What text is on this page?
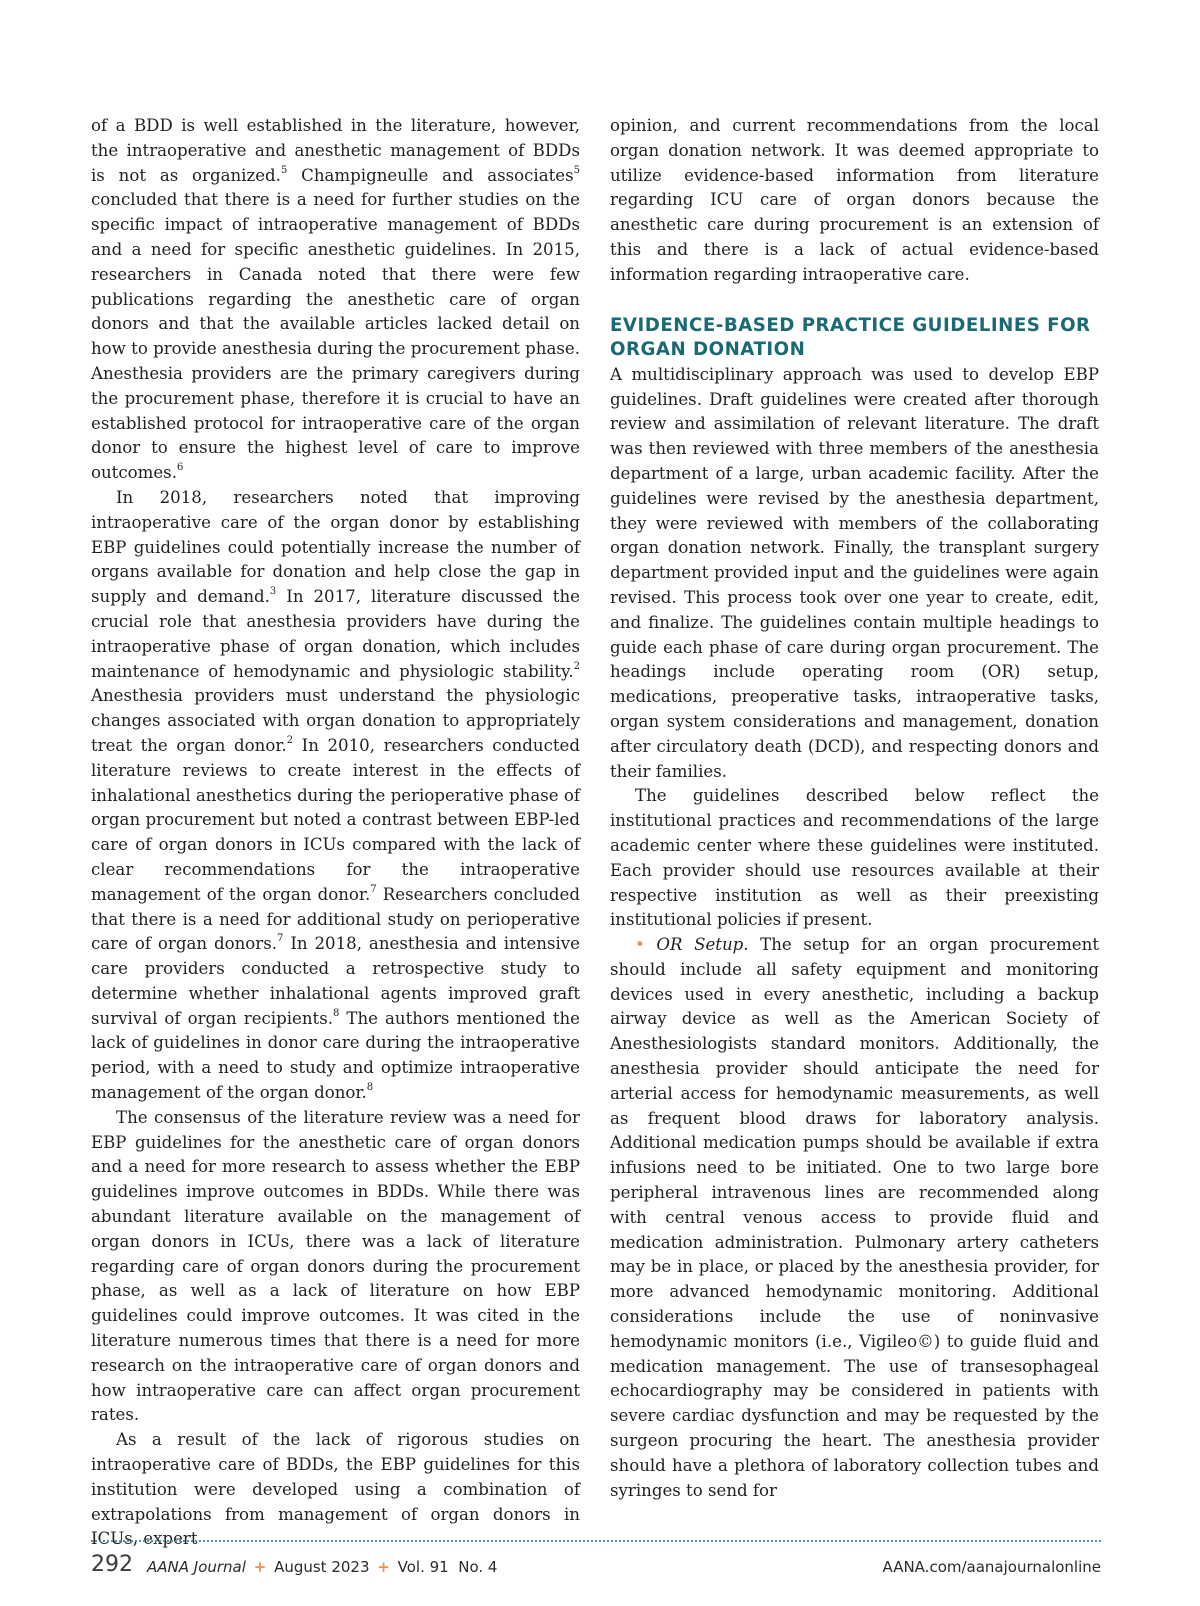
of a BDD is well established in the literature, however, the intraoperative and anesthetic management of BDDs is not as organized.$^5$ Champigneulle and associates$^5$ concluded that there is a need for further studies on the specific impact of intraoperative management of BDDs and a need for specific anesthetic guidelines. In 2015, researchers in Canada noted that there were few publications regarding the anesthetic care of organ donors and that the available articles lacked detail on how to provide anesthesia during the procurement phase. Anesthesia providers are the primary caregivers during the procurement phase, therefore it is crucial to have an established protocol for intraoperative care of the organ donor to ensure the highest level of care to improve outcomes.$^6$

In 2018, researchers noted that improving intraoperative care of the organ donor by establishing EBP guidelines could potentially increase the number of organs available for donation and help close the gap in supply and demand.$^3$ In 2017, literature discussed the crucial role that anesthesia providers have during the intraoperative phase of organ donation, which includes maintenance of hemodynamic and physiologic stability.$^2$ Anesthesia providers must understand the physiologic changes associated with organ donation to appropriately treat the organ donor.$^2$ In 2010, researchers conducted literature reviews to create interest in the effects of inhalational anesthetics during the perioperative phase of organ procurement but noted a contrast between EBP-led care of organ donors in ICUs compared with the lack of clear recommendations for the intraoperative management of the organ donor.$^7$ Researchers concluded that there is a need for additional study on perioperative care of organ donors.$^7$ In 2018, anesthesia and intensive care providers conducted a retrospective study to determine whether inhalational agents improved graft survival of organ recipients.$^8$ The authors mentioned the lack of guidelines in donor care during the intraoperative period, with a need to study and optimize intraoperative management of the organ donor.$^8$

The consensus of the literature review was a need for EBP guidelines for the anesthetic care of organ donors and a need for more research to assess whether the EBP guidelines improve outcomes in BDDs. While there was abundant literature available on the management of organ donors in ICUs, there was a lack of literature regarding care of organ donors during the procurement phase, as well as a lack of literature on how EBP guidelines could improve outcomes. It was cited in the literature numerous times that there is a need for more research on the intraoperative care of organ donors and how intraoperative care can affect organ procurement rates.

As a result of the lack of rigorous studies on intraoperative care of BDDs, the EBP guidelines for this institution were developed using a combination of extrapolations from management of organ donors in ICUs, expert

opinion, and current recommendations from the local organ donation network. It was deemed appropriate to utilize evidence-based information from literature regarding ICU care of organ donors because the anesthetic care during procurement is an extension of this and there is a lack of actual evidence-based information regarding intraoperative care.

EVIDENCE-BASED PRACTICE GUIDELINES FOR ORGAN DONATION

A multidisciplinary approach was used to develop EBP guidelines. Draft guidelines were created after thorough review and assimilation of relevant literature. The draft was then reviewed with three members of the anesthesia department of a large, urban academic facility. After the guidelines were revised by the anesthesia department, they were reviewed with members of the collaborating organ donation network. Finally, the transplant surgery department provided input and the guidelines were again revised. This process took over one year to create, edit, and finalize. The guidelines contain multiple headings to guide each phase of care during organ procurement. The headings include operating room (OR) setup, medications, preoperative tasks, intraoperative tasks, organ system considerations and management, donation after circulatory death (DCD), and respecting donors and their families.

The guidelines described below reflect the institutional practices and recommendations of the large academic center where these guidelines were instituted. Each provider should use resources available at their respective institution as well as their preexisting institutional policies if present.

• OR Setup. The setup for an organ procurement should include all safety equipment and monitoring devices used in every anesthetic, including a backup airway device as well as the American Society of Anesthesiologists standard monitors. Additionally, the anesthesia provider should anticipate the need for arterial access for hemodynamic measurements, as well as frequent blood draws for laboratory analysis. Additional medication pumps should be available if extra infusions need to be initiated. One to two large bore peripheral intravenous lines are recommended along with central venous access to provide fluid and medication administration. Pulmonary artery catheters may be in place, or placed by the anesthesia provider, for more advanced hemodynamic monitoring. Additional considerations include the use of noninvasive hemodynamic monitors (i.e., Vigileo©) to guide fluid and medication management. The use of transesophageal echocardiography may be considered in patients with severe cardiac dysfunction and may be requested by the surgeon procuring the heart. The anesthesia provider should have a plethora of laboratory collection tubes and syringes to send for

292 AANA Journal + August 2023 + Vol. 91 No. 4	AANA.com/aanajournalonline
